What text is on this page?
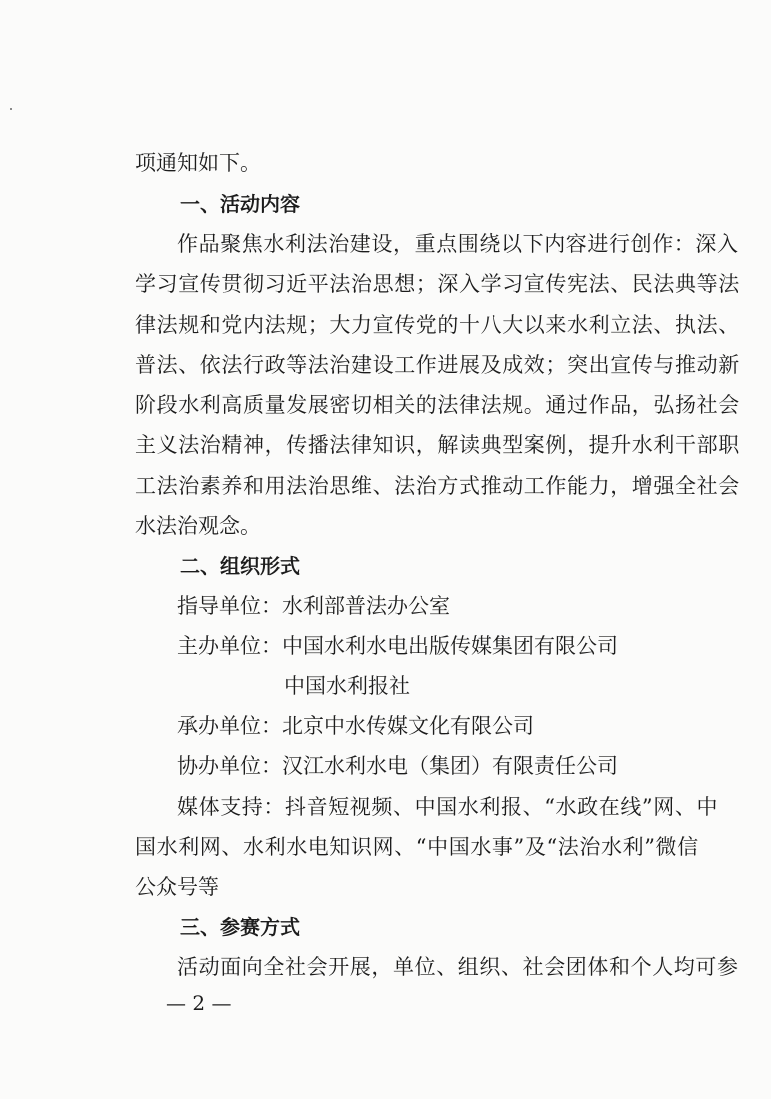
项通知如下。
一、活动内容
作品聚焦水利法治建设，重点围绕以下内容进行创作：深入
学习宣传贯彻习近平法治思想；深入学习宣传宪法、民法典等法
律法规和党内法规；大力宣传党的十八大以来水利立法、执法、
普法、依法行政等法治建设工作进展及成效；突出宣传与推动新
阶段水利高质量发展密切相关的法律法规。通过作品，弘扬社会
主义法治精神，传播法律知识，解读典型案例，提升水利干部职
工法治素养和用法治思维、法治方式推动工作能力，增强全社会
水法治观念。
二、组织形式
指导单位：水利部普法办公室
主办单位：中国水利水电出版传媒集团有限公司
中国水利报社
承办单位：北京中水传媒文化有限公司
协办单位：汉江水利水电（集团）有限责任公司
媒体支持：抖音短视频、中国水利报、“水政在线”网、中
国水利网、水利水电知识网、“中国水事”及“法治水利”微信
公众号等
三、参赛方式
活动面向全社会开展，单位、组织、社会团体和个人均可参
— 2 —
